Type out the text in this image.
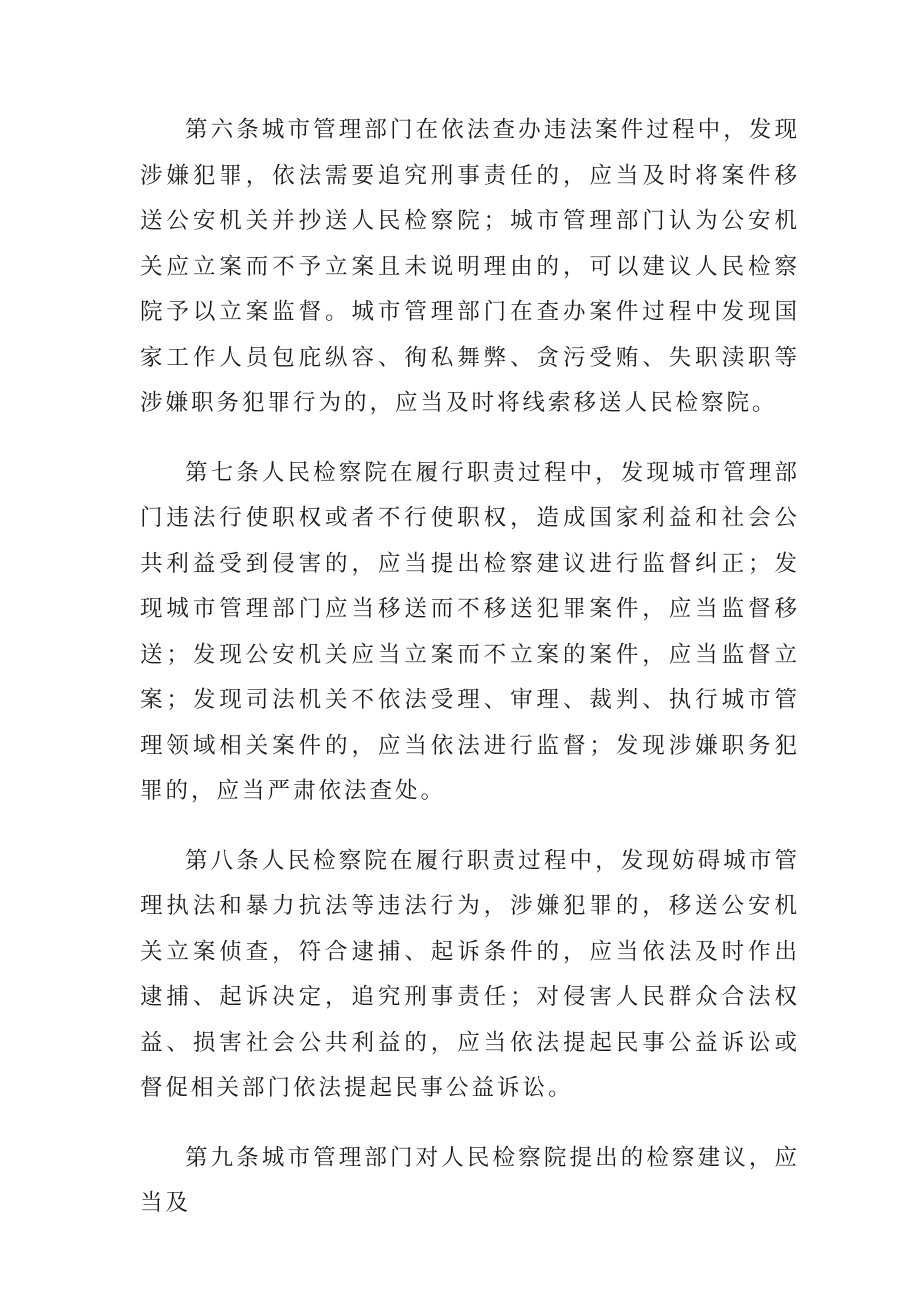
第六条城市管理部门在依法查办违法案件过程中，发现涉嫌犯罪，依法需要追究刑事责任的，应当及时将案件移送公安机关并抄送人民检察院；城市管理部门认为公安机关应立案而不予立案且未说明理由的，可以建议人民检察院予以立案监督。城市管理部门在查办案件过程中发现国家工作人员包庇纵容、徇私舞弊、贪污受贿、失职渎职等涉嫌职务犯罪行为的，应当及时将线索移送人民检察院。

第七条人民检察院在履行职责过程中，发现城市管理部门违法行使职权或者不行使职权，造成国家利益和社会公共利益受到侵害的，应当提出检察建议进行监督纠正；发现城市管理部门应当移送而不移送犯罪案件，应当监督移送；发现公安机关应当立案而不立案的案件，应当监督立案；发现司法机关不依法受理、审理、裁判、执行城市管理领域相关案件的，应当依法进行监督；发现涉嫌职务犯罪的，应当严肃依法查处。

第八条人民检察院在履行职责过程中，发现妨碍城市管理执法和暴力抗法等违法行为，涉嫌犯罪的，移送公安机关立案侦查，符合逮捕、起诉条件的，应当依法及时作出逮捕、起诉决定，追究刑事责任；对侵害人民群众合法权益、损害社会公共利益的，应当依法提起民事公益诉讼或督促相关部门依法提起民事公益诉讼。

第九条城市管理部门对人民检察院提出的检察建议，应当及
